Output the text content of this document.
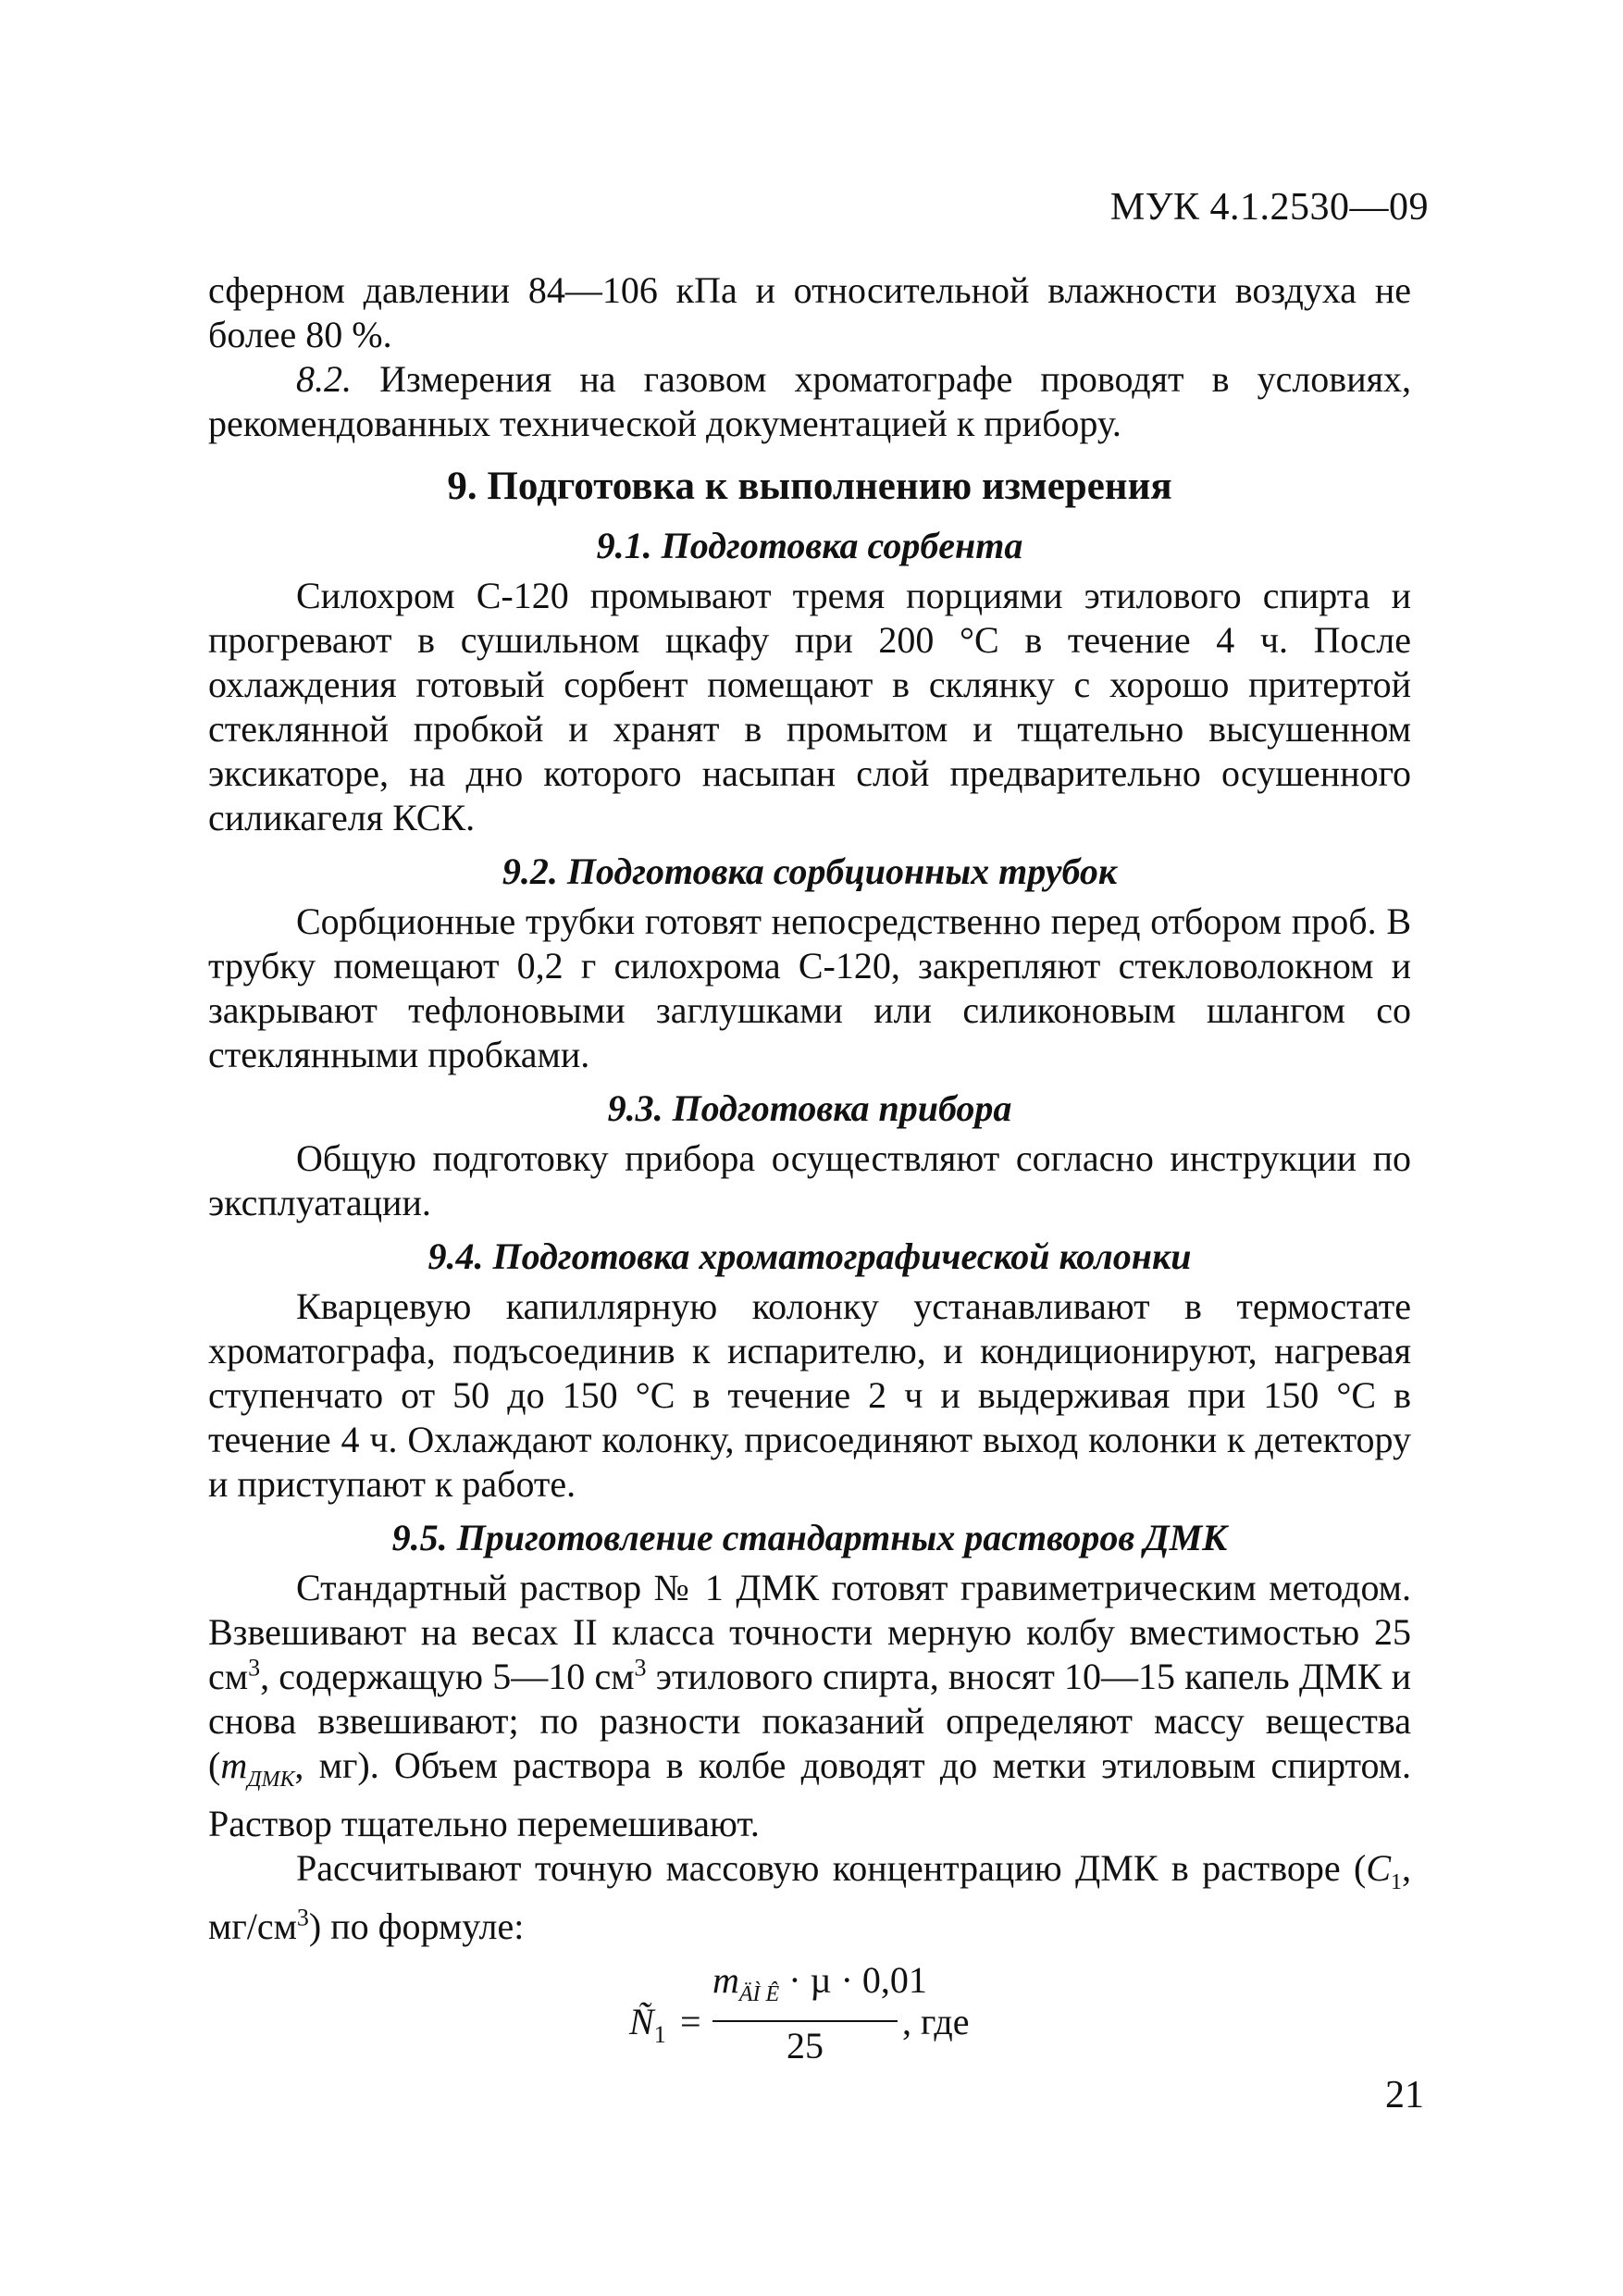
МУК 4.1.2530—09

сферном давлении 84—106 кПа и относительной влажности воздуха не более 80 %.

8.2. Измерения на газовом хроматографе проводят в условиях, рекомендованных технической документацией к прибору.

9. Подготовка к выполнению измерения
9.1. Подготовка сорбента

Силохром С-120 промывают тремя порциями этилового спирта и прогревают в сушильном щкафу при 200 °С в течение 4 ч. После охлаждения готовый сорбент помещают в склянку с хорошо притертой стеклянной пробкой и хранят в промытом и тщательно высушенном эксикаторе, на дно которого насыпан слой предварительно осушенного силикагеля КСК.

9.2. Подготовка сорбционных трубок

Сорбционные трубки готовят непосредственно перед отбором проб. В трубку помещают 0,2 г силохрома С-120, закрепляют стекловолокном и закрывают тефлоновыми заглушками или силиконовым шлангом со стеклянными пробками.

9.3. Подготовка прибора

Общую подготовку прибора осуществляют согласно инструкции по эксплуатации.

9.4. Подготовка хроматографической колонки

Кварцевую капиллярную колонку устанавливают в термостате хроматографа, подъсоединив к испарителю, и кондиционируют, нагревая ступенчато от 50 до 150 °С в течение 2 ч и выдерживая при 150 °С в течение 4 ч. Охлаждают колонку, присоединяют выход колонки к детектору и приступают к работе.

9.5. Приготовление стандартных растворов ДМК

Стандартный раствор № 1 ДМК готовят гравиметрическим методом. Взвешивают на весах II класса точности мерную колбу вместимостью 25 $см^3$, содержащую 5—10 $см^3$ этилового спирта, вносят 10—15 капель ДМК и снова взвешивают; по разности показаний определяют массу вещества ($m_{ДМК}$, мг). Объем раствора в колбе доводят до метки этиловым спиртом. Раствор тщательно перемешивают.

Рассчитывают точную массовую концентрацию ДМК в растворе ($C_1$, $мг/см^3$) по формуле:

$Ñ_1$ =
$m_{ÄÌ Ê} \cdot \mu \cdot 0,01$
25
, где
21
